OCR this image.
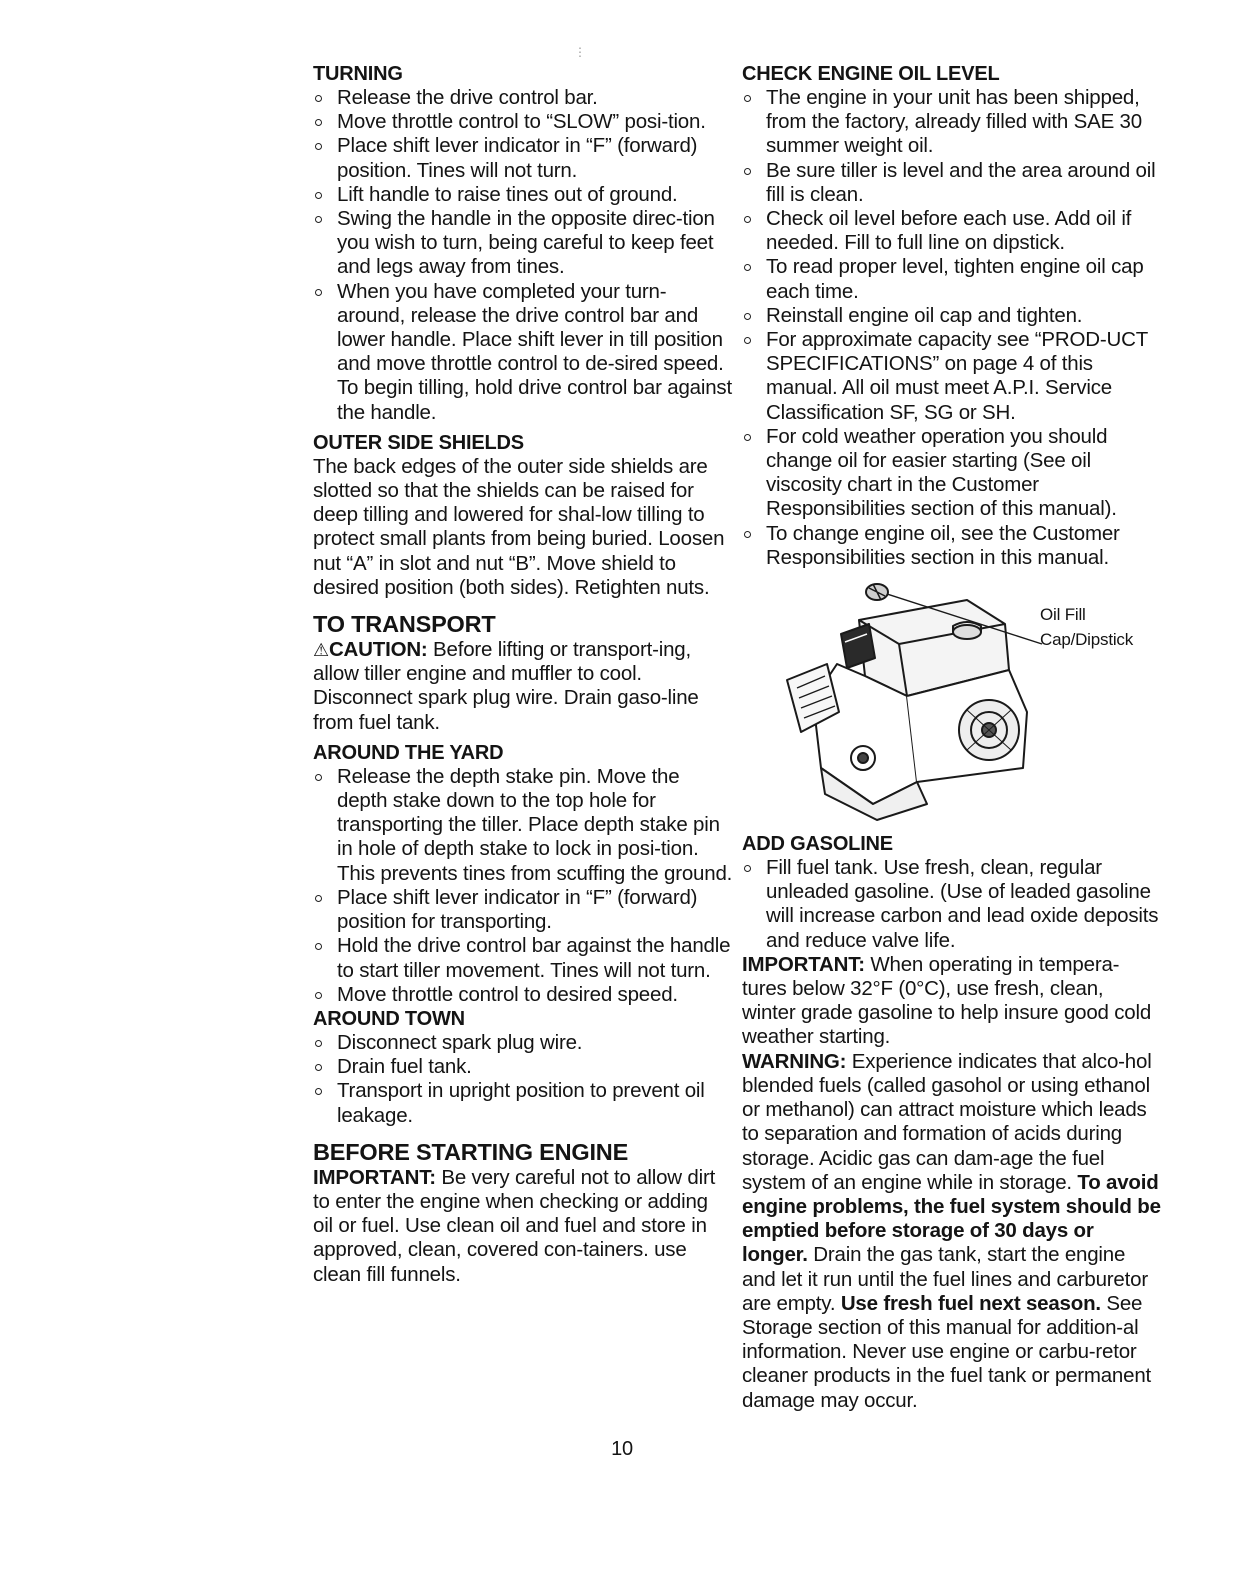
⋮
TURNING
Release the drive control bar.
Move throttle control to “SLOW” posi-tion.
Place shift lever indicator in “F” (forward) position. Tines will not turn.
Lift handle to raise tines out of ground.
Swing the handle in the opposite direc-tion you wish to turn, being careful to keep feet and legs away from tines.
When you have completed your turn-around, release the drive control bar and lower handle. Place shift lever in till position and move throttle control to de-sired speed. To begin tilling, hold drive control bar against the handle.
OUTER SIDE SHIELDS

The back edges of the outer side shields are slotted so that the shields can be raised for deep tilling and lowered for shal-low tilling to protect small plants from being buried. Loosen nut “A” in slot and nut “B”. Move shield to desired position (both sides). Retighten nuts.

TO TRANSPORT

⚠CAUTION: Before lifting or transport-ing, allow tiller engine and muffler to cool. Disconnect spark plug wire. Drain gaso-line from fuel tank.

AROUND THE YARD
Release the depth stake pin. Move the depth stake down to the top hole for transporting the tiller. Place depth stake pin in hole of depth stake to lock in posi-tion. This prevents tines from scuffing the ground.
Place shift lever indicator in “F” (forward) position for transporting.
Hold the drive control bar against the handle to start tiller movement. Tines will not turn.
Move throttle control to desired speed.
AROUND TOWN
Disconnect spark plug wire.
Drain fuel tank.
Transport in upright position to prevent oil leakage.
BEFORE STARTING ENGINE

IMPORTANT: Be very careful not to allow dirt to enter the engine when checking or adding oil or fuel. Use clean oil and fuel and store in approved, clean, covered con-tainers. use clean fill funnels.

CHECK ENGINE OIL LEVEL
The engine in your unit has been shipped, from the factory, already filled with SAE 30 summer weight oil.
Be sure tiller is level and the area around oil fill is clean.
Check oil level before each use. Add oil if needed. Fill to full line on dipstick.
To read proper level, tighten engine oil cap each time.
Reinstall engine oil cap and tighten.
For approximate capacity see “PROD-UCT SPECIFICATIONS” on page 4 of this manual. All oil must meet A.P.I. Service Classification SF, SG or SH.
For cold weather operation you should change oil for easier starting (See oil viscosity chart in the Customer Responsibilities section of this manual).
To change engine oil, see the Customer Responsibilities section in this manual.
Oil Fill
Cap/Dipstick
ADD GASOLINE
Fill fuel tank. Use fresh, clean, regular unleaded gasoline. (Use of leaded gasoline will increase carbon and lead oxide deposits and reduce valve life.

IMPORTANT: When operating in tempera-tures below 32°F (0°C), use fresh, clean, winter grade gasoline to help insure good cold weather starting.

WARNING: Experience indicates that alco-hol blended fuels (called gasohol or using ethanol or methanol) can attract moisture which leads to separation and formation of acids during storage. Acidic gas can dam-age the fuel system of an engine while in storage. To avoid engine problems, the fuel system should be emptied before storage of 30 days or longer. Drain the gas tank, start the engine and let it run until the fuel lines and carburetor are empty. Use fresh fuel next season. See Storage section of this manual for addition-al information. Never use engine or carbu-retor cleaner products in the fuel tank or permanent damage may occur.

10
